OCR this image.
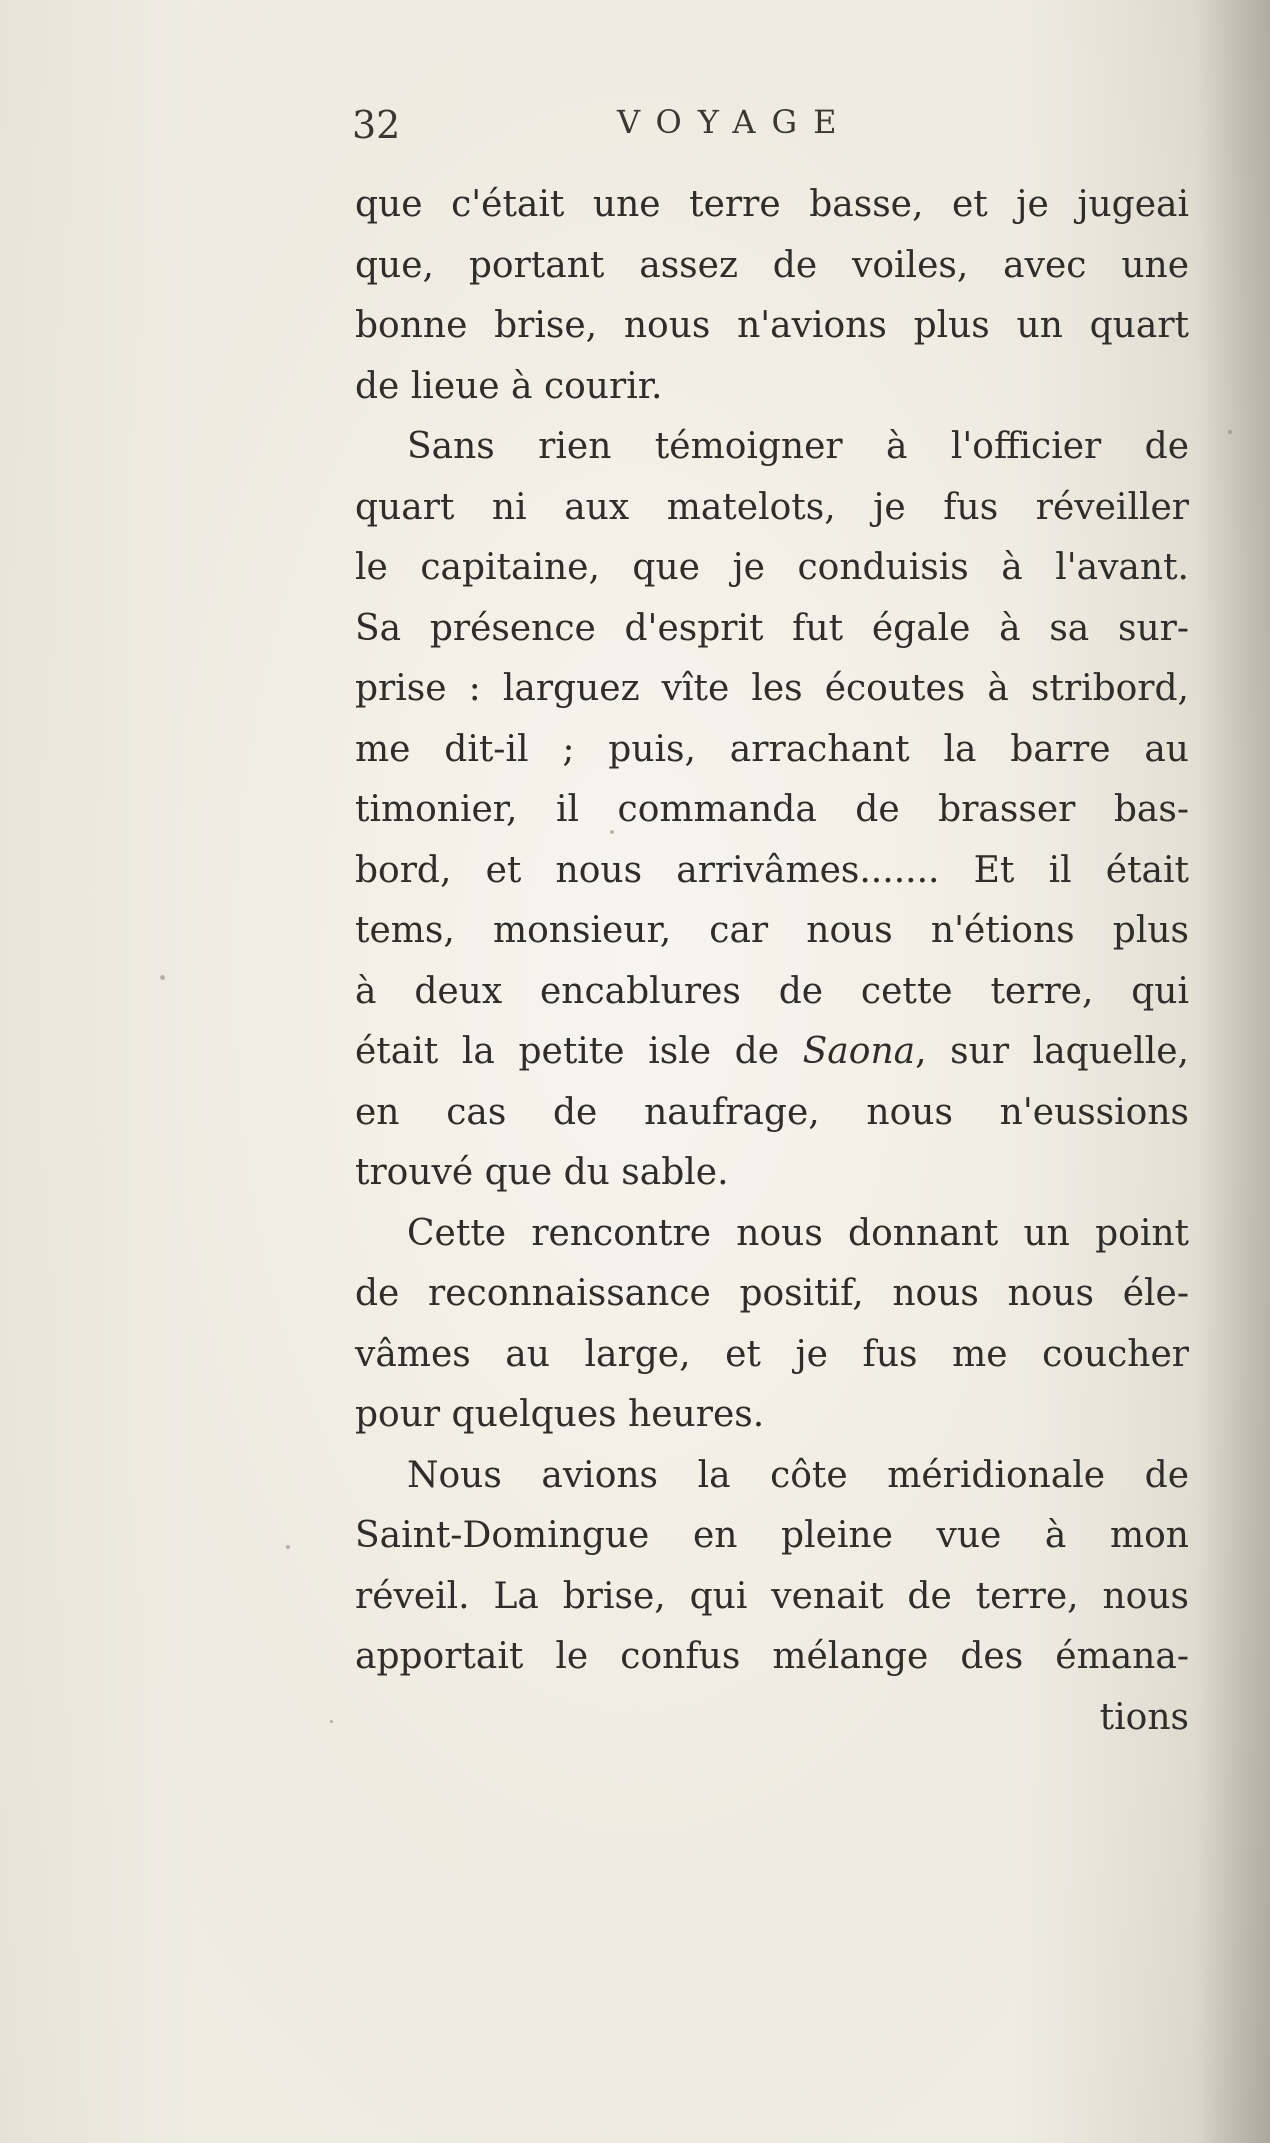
32	VOYAGE
que c'était une terre basse, et je jugeai
que, portant assez de voiles, avec une
bonne brise, nous n'avions plus un quart
de lieue à courir.
Sans rien témoigner à l'officier de
quart ni aux matelots, je fus réveiller
le capitaine, que je conduisis à l'avant.
Sa présence d'esprit fut égale à sa sur-
prise : larguez vîte les écoutes à stribord,
me dit-il ; puis, arrachant la barre au
timonier, il commanda de brasser bas-
bord, et nous arrivâmes....... Et il était
tems, monsieur, car nous n'étions plus
à deux encablures de cette terre, qui
était la petite isle de Saona, sur laquelle,
en cas de naufrage, nous n'eussions
trouvé que du sable.
Cette rencontre nous donnant un point
de reconnaissance positif, nous nous éle-
vâmes au large, et je fus me coucher
pour quelques heures.
Nous avions la côte méridionale de
Saint-Domingue en pleine vue à mon
réveil. La brise, qui venait de terre, nous
apportait le confus mélange des émana-
tions
